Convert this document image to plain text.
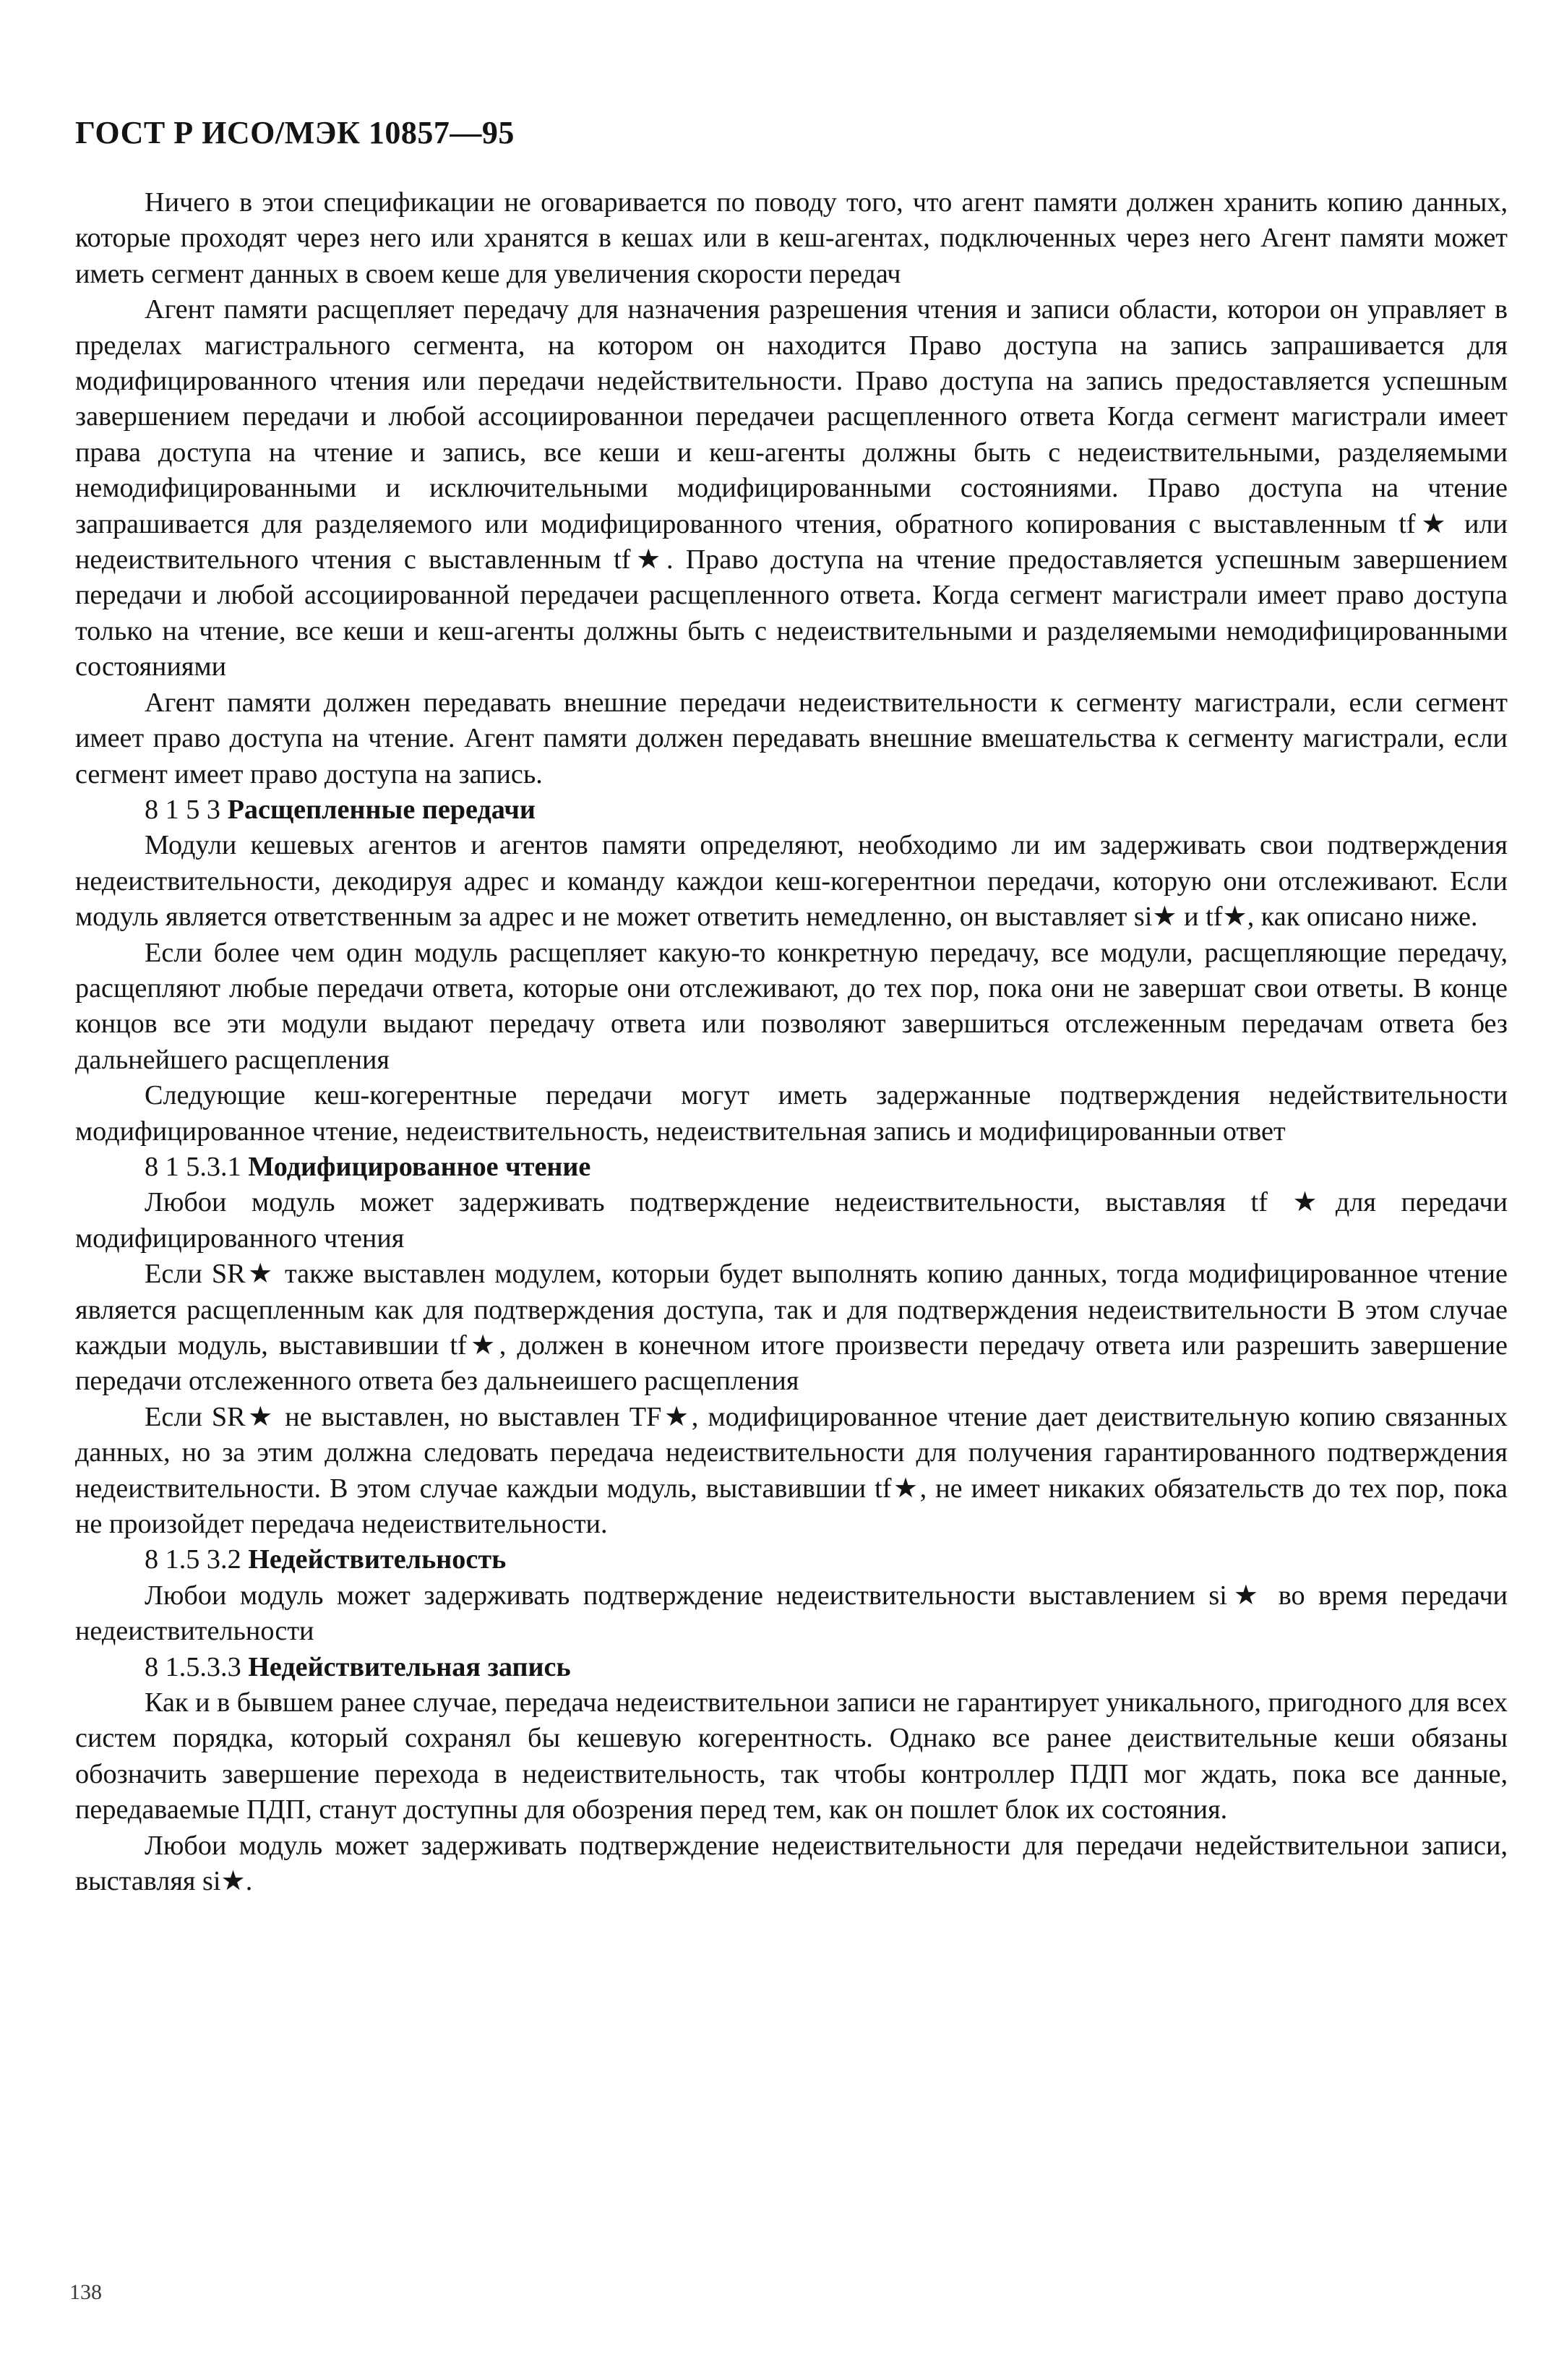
ГОСТ Р ИСО/МЭК 10857—95

Ничего в этои спецификации не оговаривается по поводу того, что агент памяти должен хранить копию данных, которые проходят через него или хранятся в кешах или в кеш-агентах, подключенных через него Агент памяти может иметь сегмент данных в своем кеше для увеличения скорости передач

Агент памяти расщепляет передачу для назначения разрешения чтения и записи области, которои он управляет в пределах магистрального сегмента, на котором он находится Право доступа на запись запрашивается для модифицированного чтения или передачи недействительности. Право доступа на запись предоставляется успешным завершением передачи и любой ассоциированнои передачеи расщепленного ответа Когда сегмент магистрали имеет права доступа на чтение и запись, все кеши и кеш-агенты должны быть с недеиствительными, разделяемыми немодифицированными и исключительными модифицированными состояниями. Право доступа на чтение запрашивается для разделяемого или модифицированного чтения, обратного копирования с выставленным tf★ или недеиствительного чтения с выставленным tf★. Право доступа на чтение предоставляется успешным завершением передачи и любой ассоциированной передачеи расщепленного ответа. Когда сегмент магистрали имеет право доступа только на чтение, все кеши и кеш-агенты должны быть с недеиствительными и разделяемыми немодифицированными состояниями

Агент памяти должен передавать внешние передачи недеиствительности к сегменту магистрали, если сегмент имеет право доступа на чтение. Агент памяти должен передавать внешние вмешательства к сегменту магистрали, если сегмент имеет право доступа на запись.

8 1 5 3 Расщепленные передачи

Модули кешевых агентов и агентов памяти определяют, необходимо ли им задерживать свои подтверждения недеиствительности, декодируя адрес и команду каждои кеш-когерентнои передачи, которую они отслеживают. Если модуль является ответственным за адрес и не может ответить немедленно, он выставляет si★ и tf★, как описано ниже.

Если более чем один модуль расщепляет какую-то конкретную передачу, все модули, расщепляющие передачу, расщепляют любые передачи ответа, которые они отслеживают, до тех пор, пока они не завершат свои ответы. В конце концов все эти модули выдают передачу ответа или позволяют завершиться отслеженным передачам ответа без дальнейшего расщепления

Следующие кеш-когерентные передачи могут иметь задержанные подтверждения недействительности модифицированное чтение, недеиствительность, недеиствительная запись и модифицированныи ответ

8 1 5.3.1 Модифицированное чтение

Любои модуль может задерживать подтверждение недеиствительности, выставляя tf ★для передачи модифицированного чтения

Если SR★ также выставлен модулем, которыи будет выполнять копию данных, тогда модифицированное чтение является расщепленным как для подтверждения доступа, так и для подтверждения недеиствительности В этом случае каждыи модуль, выставившии tf★, должен в конечном итоге произвести передачу ответа или разрешить завершение передачи отслеженного ответа без дальнеишего расщепления

Если SR★ не выставлен, но выставлен TF★, модифицированное чтение дает деиствительную копию связанных данных, но за этим должна следовать передача недеиствительности для получения гарантированного подтверждения недеиствительности. В этом случае каждыи модуль, выставившии tf★, не имеет никаких обязательств до тех пор, пока не произойдет передача недеиствительности.

8 1.5 3.2 Недействительность

Любои модуль может задерживать подтверждение недеиствительности выставлением si★ во время передачи недеиствительности

8 1.5.3.3 Недействительная запись

Как и в бывшем ранее случае, передача недеиствительнои записи не гарантирует уникального, пригодного для всех систем порядка, который сохранял бы кешевую когерентность. Однако все ранее деиствительные кеши обязаны обозначить завершение перехода в недеиствительность, так чтобы контроллер ПДП мог ждать, пока все данные, передаваемые ПДП, станут доступны для обозрения перед тем, как он пошлет блок их состояния.

Любои модуль может задерживать подтверждение недеиствительности для передачи недействительнои записи, выставляя si★.

138
